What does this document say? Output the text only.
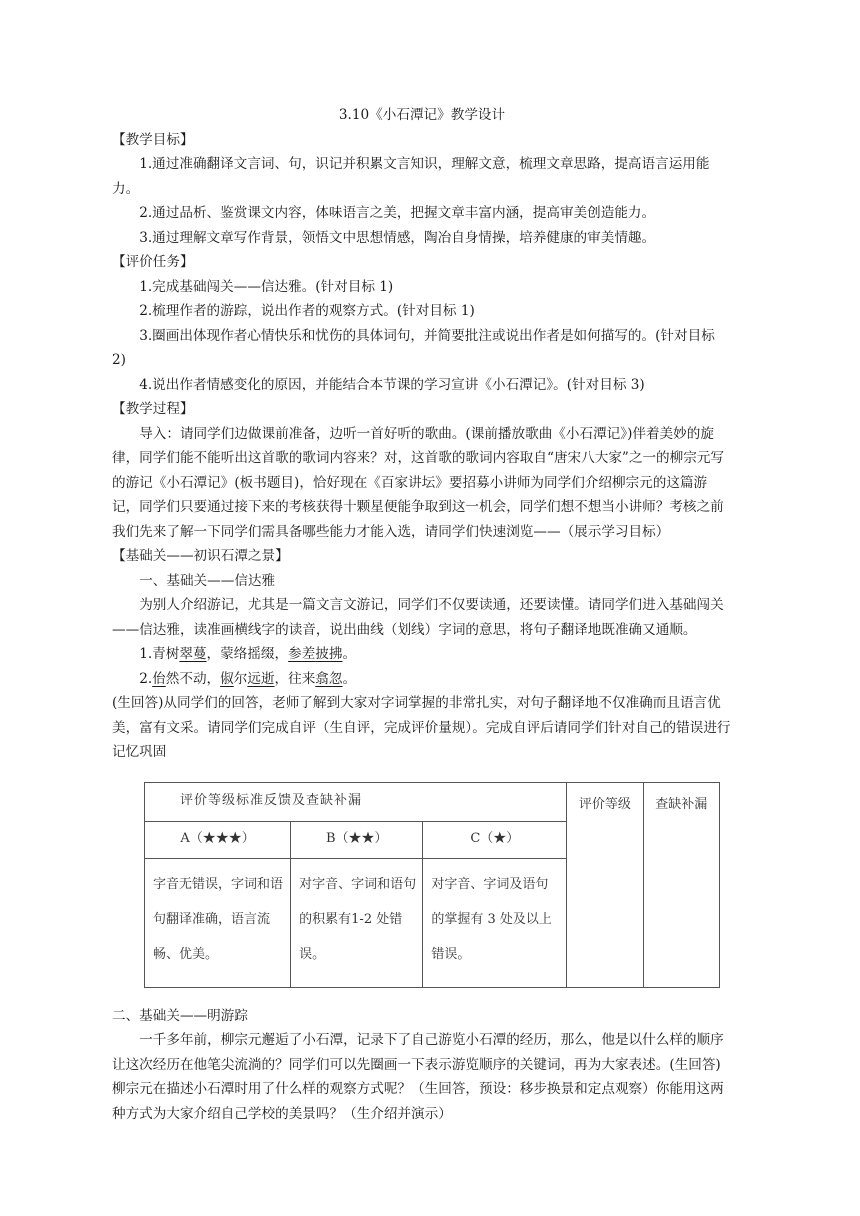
3.10《小石潭记》教学设计

【教学目标】

1.通过准确翻译文言词、句，识记并积累文言知识，理解文意，梳理文章思路，提高语言运用能力。

2.通过品析、鉴赏课文内容，体味语言之美，把握文章丰富内涵，提高审美创造能力。

3.通过理解文章写作背景，领悟文中思想情感，陶冶自身情操，培养健康的审美情趣。

【评价任务】

1.完成基础闯关——信达雅。(针对目标 1)

2.梳理作者的游踪，说出作者的观察方式。(针对目标 1)

3.圈画出体现作者心情快乐和忧伤的具体词句，并简要批注或说出作者是如何描写的。(针对目标 2)

4.说出作者情感变化的原因，并能结合本节课的学习宣讲《小石潭记》。(针对目标 3)

【教学过程】

导入：请同学们边做课前准备，边听一首好听的歌曲。(课前播放歌曲《小石潭记》)伴着美妙的旋律，同学们能不能听出这首歌的歌词内容来？对，这首歌的歌词内容取自“唐宋八大家”之一的柳宗元写的游记《小石潭记》(板书题目)，恰好现在《百家讲坛》要招募小讲师为同学们介绍柳宗元的这篇游记，同学们只要通过接下来的考核获得十颗星便能争取到这一机会，同学们想不想当小讲师？考核之前我们先来了解一下同学们需具备哪些能力才能入选，请同学们快速浏览——（展示学习目标）

【基础关——初识石潭之景】

一、基础关——信达雅

为别人介绍游记，尤其是一篇文言文游记，同学们不仅要读通，还要读懂。请同学们进入基础闯关——信达雅，读准画横线字的读音，说出曲线（划线）字词的意思，将句子翻译地既准确又通顺。

1.青树翠蔓，蒙络摇缀，参差披拂。

2.佁然不动，俶尔远逝，往来翕忽。

(生回答)从同学们的回答，老师了解到大家对字词掌握的非常扎实，对句子翻译地不仅准确而且语言优美，富有文采。请同学们完成自评（生自评，完成评价量规）。完成自评后请同学们针对自己的错误进行记忆巩固

评价等级标准反馈及查缺补漏			评价等级	查缺补漏
A（★★★）	B（★★）	C（★）		
字音无错误，字词和语句翻译准确，语言流畅、优美。	对字音、字词和语句的积累有1-2 处错误。	对字音、字词及语句的掌握有 3 处及以上错误。		

二、基础关——明游踪

一千多年前，柳宗元邂逅了小石潭，记录下了自己游览小石潭的经历，那么，他是以什么样的顺序让这次经历在他笔尖流淌的？同学们可以先圈画一下表示游览顺序的关键词，再为大家表述。(生回答)柳宗元在描述小石潭时用了什么样的观察方式呢？（生回答，预设：移步换景和定点观察）你能用这两种方式为大家介绍自己学校的美景吗？（生介绍并演示）
